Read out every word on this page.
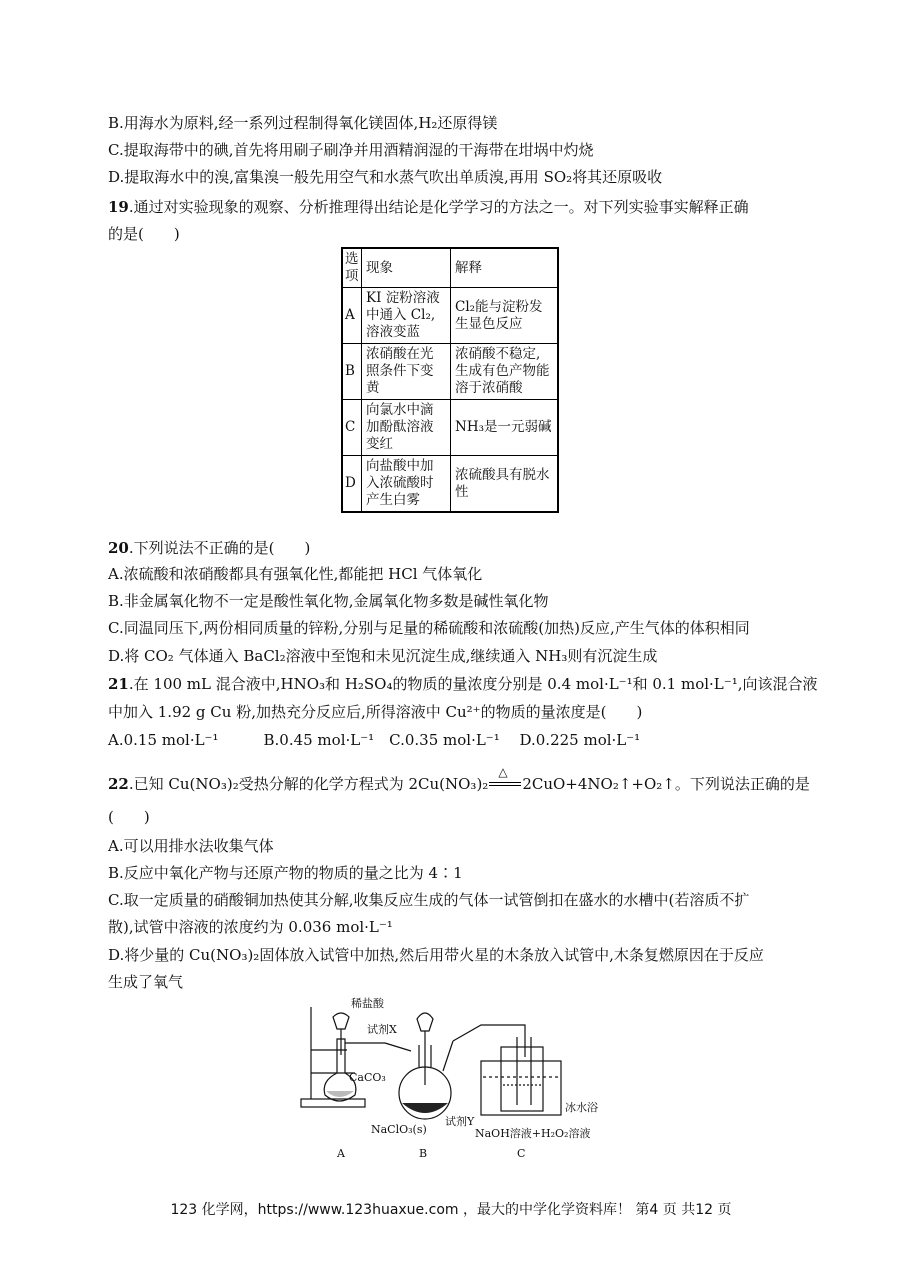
B.用海水为原料,经一系列过程制得氧化镁固体,H₂还原得镁
C.提取海带中的碘,首先将用刷子刷净并用酒精润湿的干海带在坩埚中灼烧
D.提取海水中的溴,富集溴一般先用空气和水蒸气吹出单质溴,再用 SO₂将其还原吸收
19.通过对实验现象的观察、分析推理得出结论是化学学习的方法之一。对下列实验事实解释正确
的是(　　)
选项	现象	解释
A	KI 淀粉溶液中通入 Cl₂,溶液变蓝	Cl₂能与淀粉发生显色反应
B	浓硝酸在光照条件下变黄	浓硝酸不稳定,生成有色产物能溶于浓硝酸
C	向氯水中滴加酚酞溶液变红	NH₃是一元弱碱
D	向盐酸中加入浓硫酸时产生白雾	浓硫酸具有脱水性
20.下列说法不正确的是(　　)
A.浓硫酸和浓硝酸都具有强氧化性,都能把 HCl 气体氧化
B.非金属氧化物不一定是酸性氧化物,金属氧化物多数是碱性氧化物
C.同温同压下,两份相同质量的锌粉,分别与足量的稀硫酸和浓硫酸(加热)反应,产生气体的体积相同
D.将 CO₂ 气体通入 BaCl₂溶液中至饱和未见沉淀生成,继续通入 NH₃则有沉淀生成
21.在 100 mL 混合液中,HNO₃和 H₂SO₄的物质的量浓度分别是 0.4 mol·L⁻¹和 0.1 mol·L⁻¹,向该混合液
中加入 1.92 g Cu 粉,加热充分反应后,所得溶液中 Cu²⁺的物质的量浓度是(　　)
A.0.15 mol·L⁻¹　　　B.0.45 mol·L⁻¹　C.0.35 mol·L⁻¹　 D.0.225 mol·L⁻¹
22.已知 Cu(NO₃)₂受热分解的化学方程式为 2Cu(NO₃)₂
△
2CuO+4NO₂↑+O₂↑。下列说法正确的是
(　　)
A.可以用排水法收集气体
B.反应中氧化产物与还原产物的物质的量之比为 4∶1
C.取一定质量的硝酸铜加热使其分解,收集反应生成的气体一试管倒扣在盛水的水槽中(若溶质不扩
散),试管中溶液的浓度约为 0.036 mol·L⁻¹
D.将少量的 Cu(NO₃)₂固体放入试管中加热,然后用带火星的木条放入试管中,木条复燃原因在于反应
生成了氧气
稀盐酸
试剂X
CaCO₃
NaClO₃(s)
试剂Y
冰水浴
NaOH溶液+H₂O₂溶液
A	B	C
123 化学网，https://www.123huaxue.com ，最大的中学化学资料库！ 第4 页 共12 页
